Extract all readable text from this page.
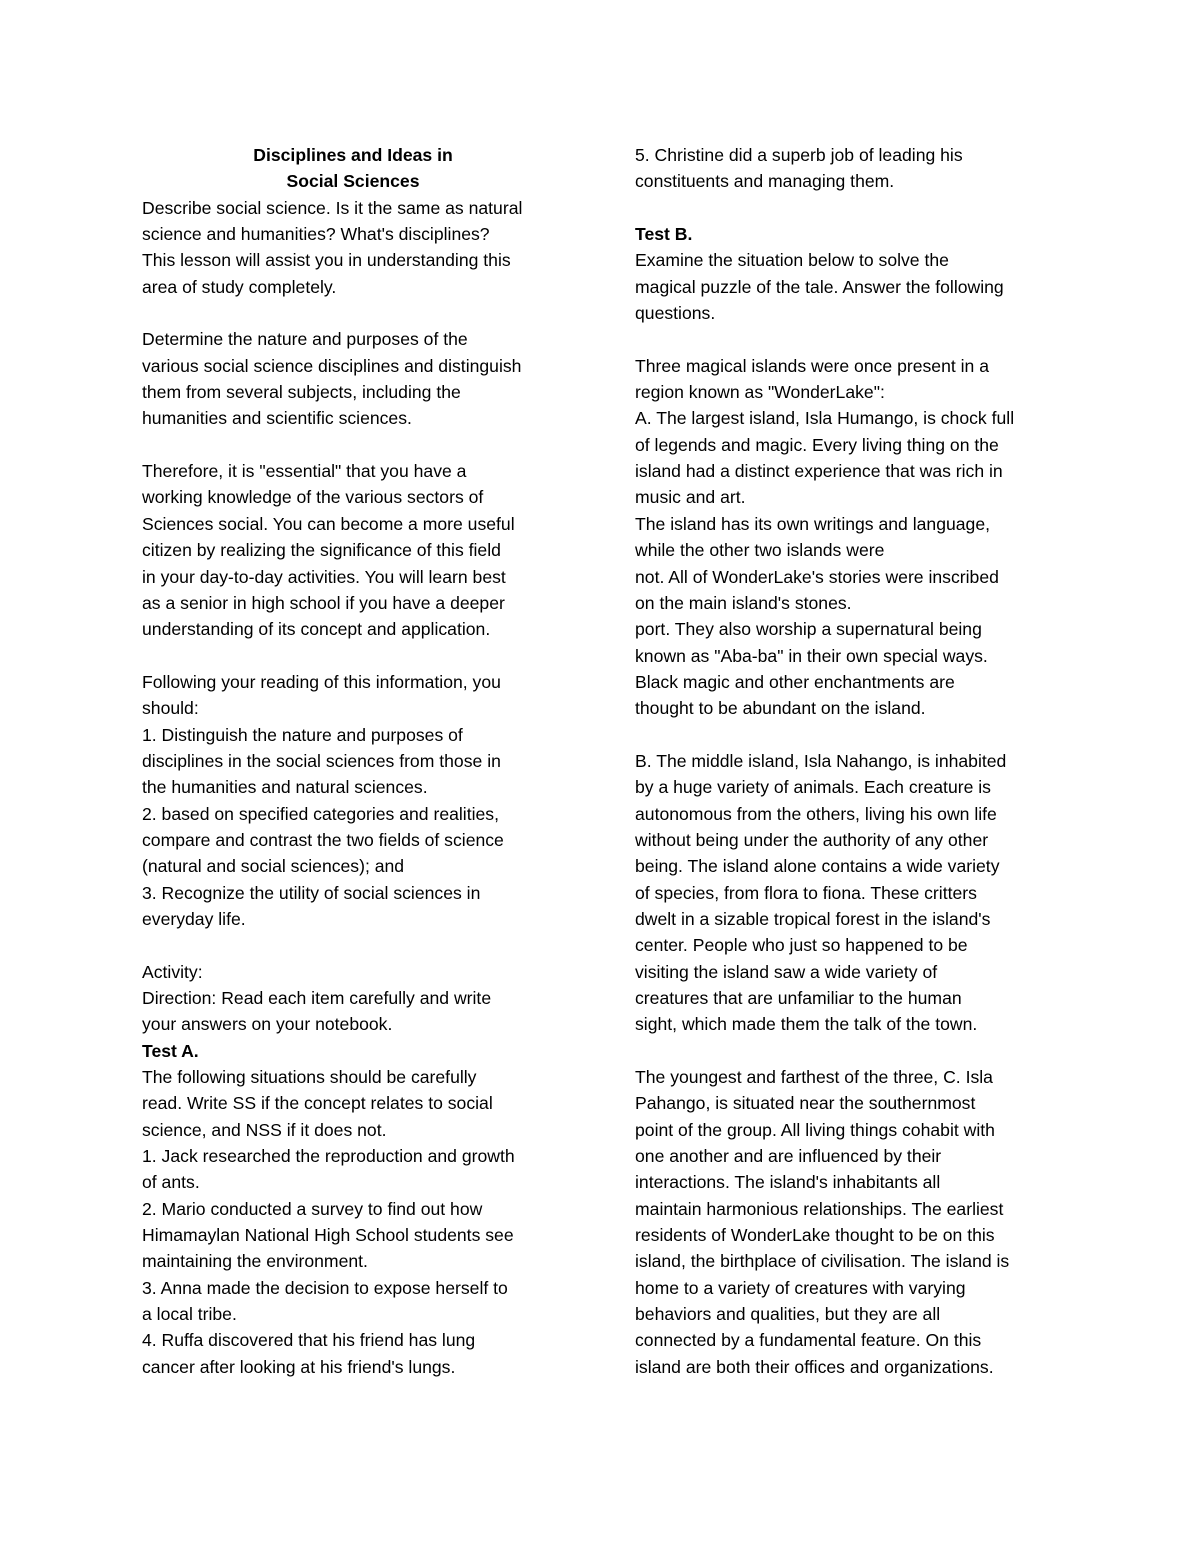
Disciplines and Ideas in
Social Sciences
Describe social science. Is it the same as natural
science and humanities? What's disciplines?
This lesson will assist you in understanding this
area of study completely.
Determine the nature and purposes of the
various social science disciplines and distinguish
them from several subjects, including the
humanities and scientific sciences.
Therefore, it is "essential" that you have a
working knowledge of the various sectors of
Sciences social. You can become a more useful
citizen by realizing the significance of this field
in your day-to-day activities. You will learn best
as a senior in high school if you have a deeper
understanding of its concept and application.
Following your reading of this information, you
should:
1. Distinguish the nature and purposes of
disciplines in the social sciences from those in
the humanities and natural sciences.
2. based on specified categories and realities,
compare and contrast the two fields of science
(natural and social sciences); and
3. Recognize the utility of social sciences in
everyday life.
Activity:
Direction: Read each item carefully and write
your answers on your notebook.
Test A.
The following situations should be carefully
read. Write SS if the concept relates to social
science, and NSS if it does not.
1. Jack researched the reproduction and growth
of ants.
2. Mario conducted a survey to find out how
Himamaylan National High School students see
maintaining the environment.
3. Anna made the decision to expose herself to
a local tribe.
4. Ruffa discovered that his friend has lung
cancer after looking at his friend's lungs.
5. Christine did a superb job of leading his
constituents and managing them.
Test B.
Examine the situation below to solve the
magical puzzle of the tale. Answer the following
questions.
Three magical islands were once present in a
region known as "WonderLake":
A. The largest island, Isla Humango, is chock full
of legends and magic. Every living thing on the
island had a distinct experience that was rich in
music and art.
The island has its own writings and language,
while the other two islands were
not. All of WonderLake's stories were inscribed
on the main island's stones.
port. They also worship a supernatural being
known as "Aba-ba" in their own special ways.
Black magic and other enchantments are
thought to be abundant on the island.
B. The middle island, Isla Nahango, is inhabited
by a huge variety of animals. Each creature is
autonomous from the others, living his own life
without being under the authority of any other
being. The island alone contains a wide variety
of species, from flora to fiona. These critters
dwelt in a sizable tropical forest in the island's
center. People who just so happened to be
visiting the island saw a wide variety of
creatures that are unfamiliar to the human
sight, which made them the talk of the town.
The youngest and farthest of the three, C. Isla
Pahango, is situated near the southernmost
point of the group. All living things cohabit with
one another and are influenced by their
interactions. The island's inhabitants all
maintain harmonious relationships. The earliest
residents of WonderLake thought to be on this
island, the birthplace of civilisation. The island is
home to a variety of creatures with varying
behaviors and qualities, but they are all
connected by a fundamental feature. On this
island are both their offices and organizations.
